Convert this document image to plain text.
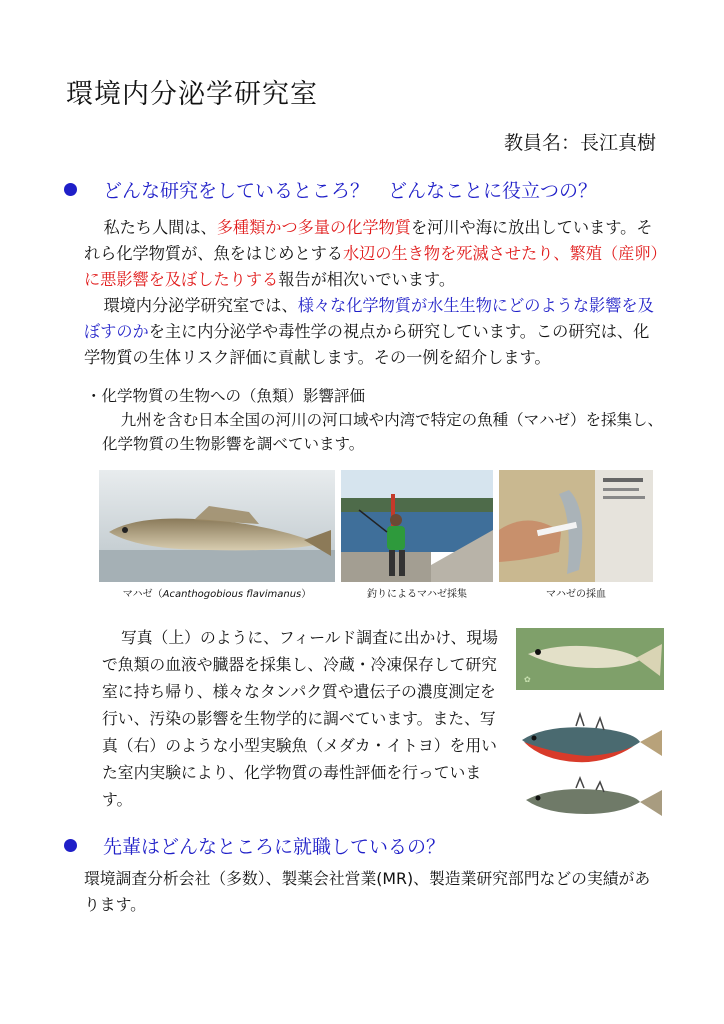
環境内分泌学研究室
教員名：長江真樹
どんな研究をしているところ？　どんなことに役立つの？

私たち人間は、多種類かつ多量の化学物質を河川や海に放出しています。それら化学物質が、魚をはじめとする水辺の生き物を死滅させたり、繁殖（産卵）に悪影響を及ぼしたりする報告が相次いでいます。

環境内分泌学研究室では、様々な化学物質が水生生物にどのような影響を及ぼすのかを主に内分泌学や毒性学の視点から研究しています。この研究は、化学物質の生体リスク評価に貢献します。その一例を紹介します。

・化学物質の生物への（魚類）影響評価
九州を含む日本全国の河川の河口域や内湾で特定の魚種（マハゼ）を採集し、化学物質の生物影響を調べています。
マハゼ（Acanthogobious flavimanus）	釣りによるマハゼ採集	マハゼの採血

写真（上）のように、フィールド調査に出かけ、現場で魚類の血液や臓器を採集し、冷蔵・冷凍保存して研究室に持ち帰り、様々なタンパク質や遺伝子の濃度測定を行い、汚染の影響を生物学的に調べています。また、写真（右）のような小型実験魚（メダカ・イトヨ）を用いた室内実験により、化学物質の毒性評価を行っています。

✿
先輩はどんなところに就職しているの？

環境調査分析会社（多数）、製薬会社営業(MR)、製造業研究部門などの実績があります。
